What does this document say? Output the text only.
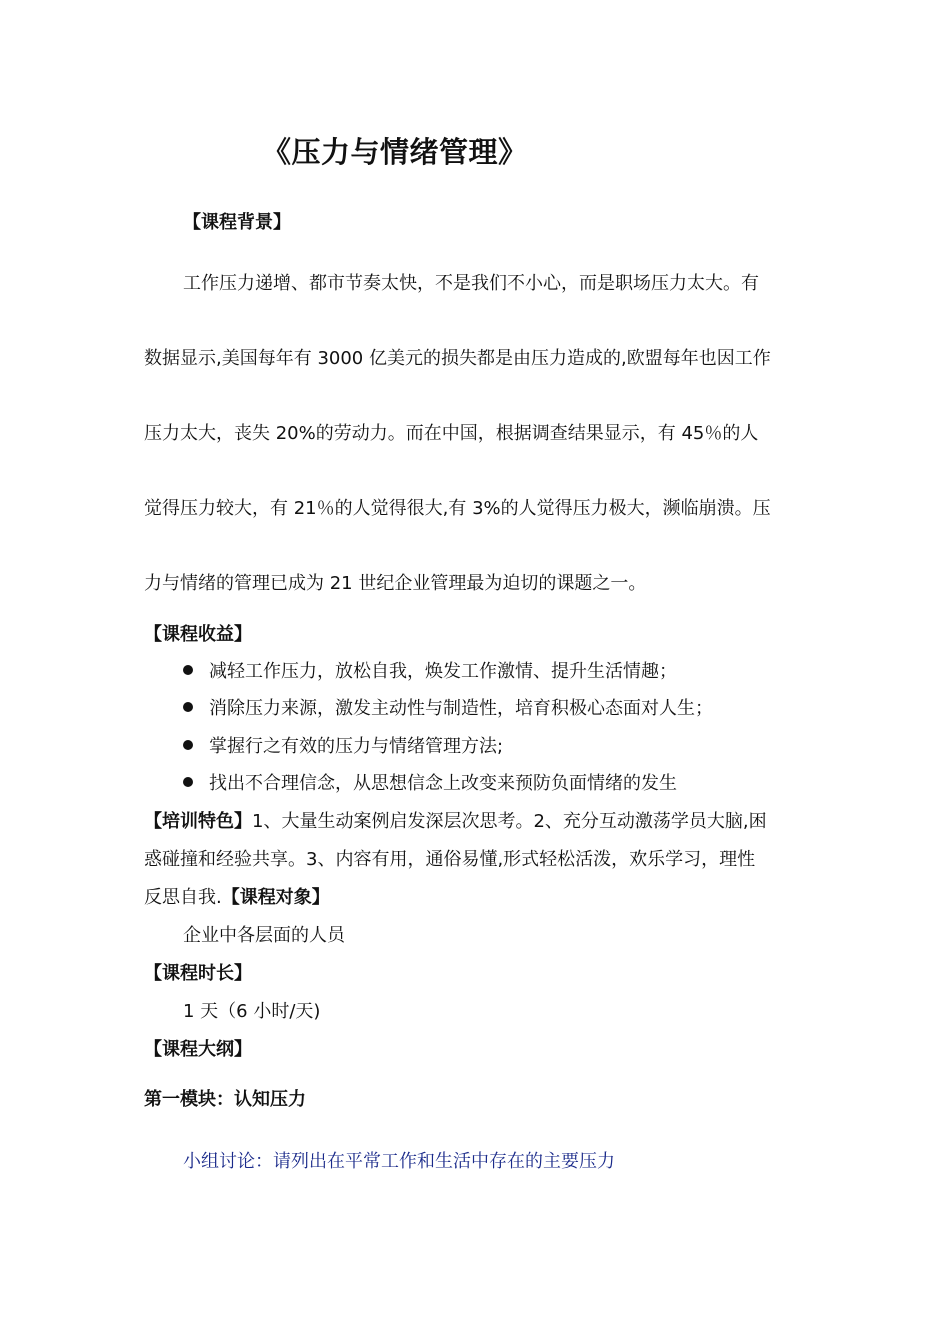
《压力与情绪管理》
【课程背景】
工作压力递增、都市节奏太快，不是我们不小心，而是职场压力太大。有
数据显示,美国每年有 3000 亿美元的损失都是由压力造成的,欧盟每年也因工作
压力太大，丧失 20%的劳动力。而在中国，根据调查结果显示，有 45％的人
觉得压力较大，有 21％的人觉得很大,有 3%的人觉得压力极大，濒临崩溃。压
力与情绪的管理已成为 21 世纪企业管理最为迫切的课题之一。
【课程收益】
减轻工作压力，放松自我，焕发工作激情、提升生活情趣；
消除压力来源，激发主动性与制造性，培育积极心态面对人生；
掌握行之有效的压力与情绪管理方法;
找出不合理信念，从思想信念上改变来预防负面情绪的发生
【培训特色】1、大量生动案例启发深层次思考。2、充分互动激荡学员大脑,困
惑碰撞和经验共享。3、内容有用，通俗易懂,形式轻松活泼，欢乐学习，理性
反思自我.【课程对象】
企业中各层面的人员
【课程时长】
1 天（6 小时/天)
【课程大纲】
第一模块：认知压力
小组讨论：请列出在平常工作和生活中存在的主要压力
